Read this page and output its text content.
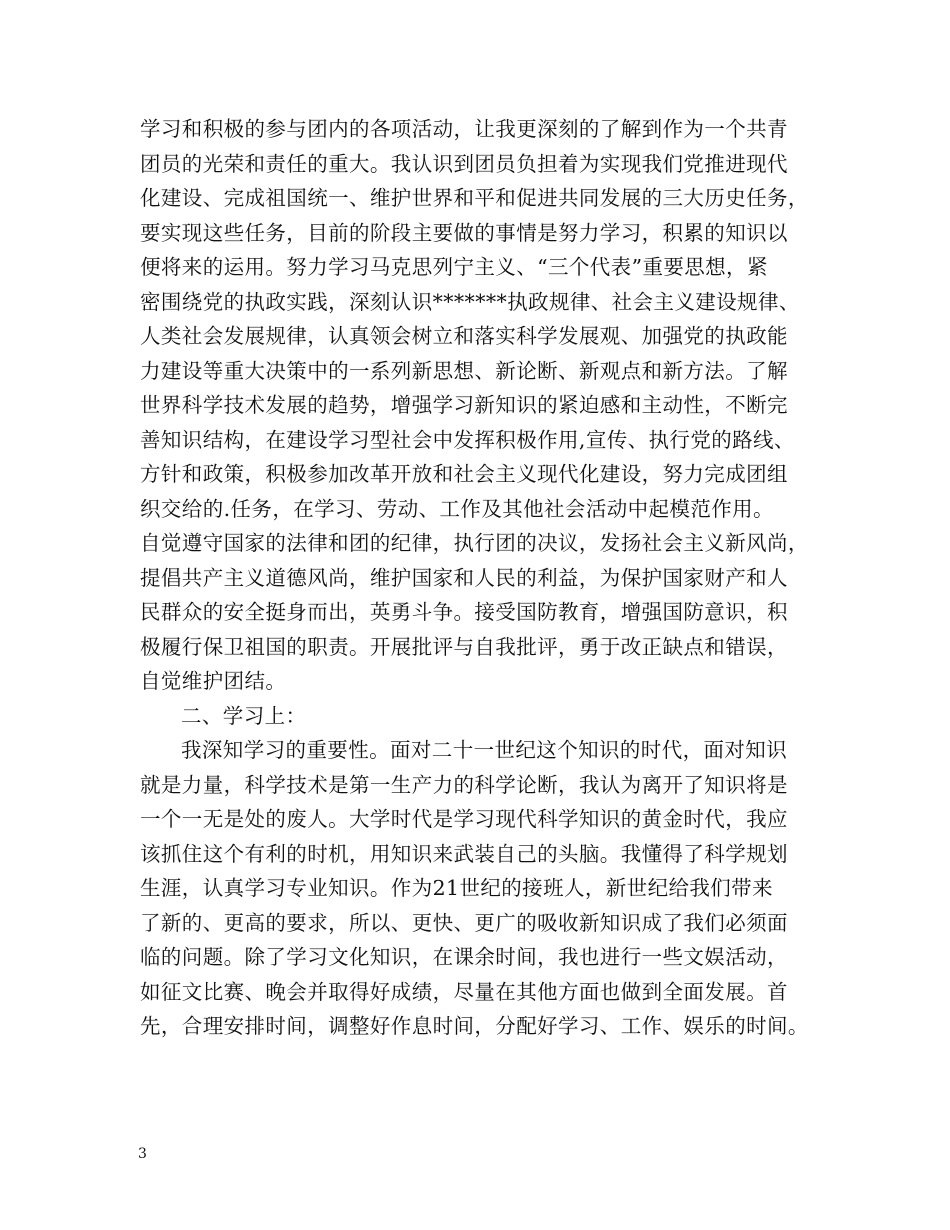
学习和积极的参与团内的各项活动，让我更深刻的了解到作为一个共青
团员的光荣和责任的重大。我认识到团员负担着为实现我们党推进现代
化建设、完成祖国统一、维护世界和平和促进共同发展的三大历史任务，
要实现这些任务，目前的阶段主要做的事情是努力学习，积累的知识以
便将来的运用。努力学习马克思列宁主义、“三个代表”重要思想，紧
密围绕党的执政实践，深刻认识*******执政规律、社会主义建设规律、
人类社会发展规律，认真领会树立和落实科学发展观、加强党的执政能
力建设等重大决策中的一系列新思想、新论断、新观点和新方法。了解
世界科学技术发展的趋势，增强学习新知识的紧迫感和主动性，不断完
善知识结构，在建设学习型社会中发挥积极作用,宣传、执行党的路线、
方针和政策，积极参加改革开放和社会主义现代化建设，努力完成团组
织交给的.任务，在学习、劳动、工作及其他社会活动中起模范作用。
自觉遵守国家的法律和团的纪律，执行团的决议，发扬社会主义新风尚，
提倡共产主义道德风尚，维护国家和人民的利益，为保护国家财产和人
民群众的安全挺身而出，英勇斗争。接受国防教育，增强国防意识，积
极履行保卫祖国的职责。开展批评与自我批评，勇于改正缺点和错误，
自觉维护团结。
二、学习上：
我深知学习的重要性。面对二十一世纪这个知识的时代，面对知识
就是力量，科学技术是第一生产力的科学论断，我认为离开了知识将是
一个一无是处的废人。大学时代是学习现代科学知识的黄金时代，我应
该抓住这个有利的时机，用知识来武装自己的头脑。我懂得了科学规划
生涯，认真学习专业知识。作为21世纪的接班人，新世纪给我们带来
了新的、更高的要求，所以、更快、更广的吸收新知识成了我们必须面
临的问题。除了学习文化知识，在课余时间，我也进行一些文娱活动，
如征文比赛、晚会并取得好成绩，尽量在其他方面也做到全面发展。首
先，合理安排时间，调整好作息时间，分配好学习、工作、娱乐的时间。
3
